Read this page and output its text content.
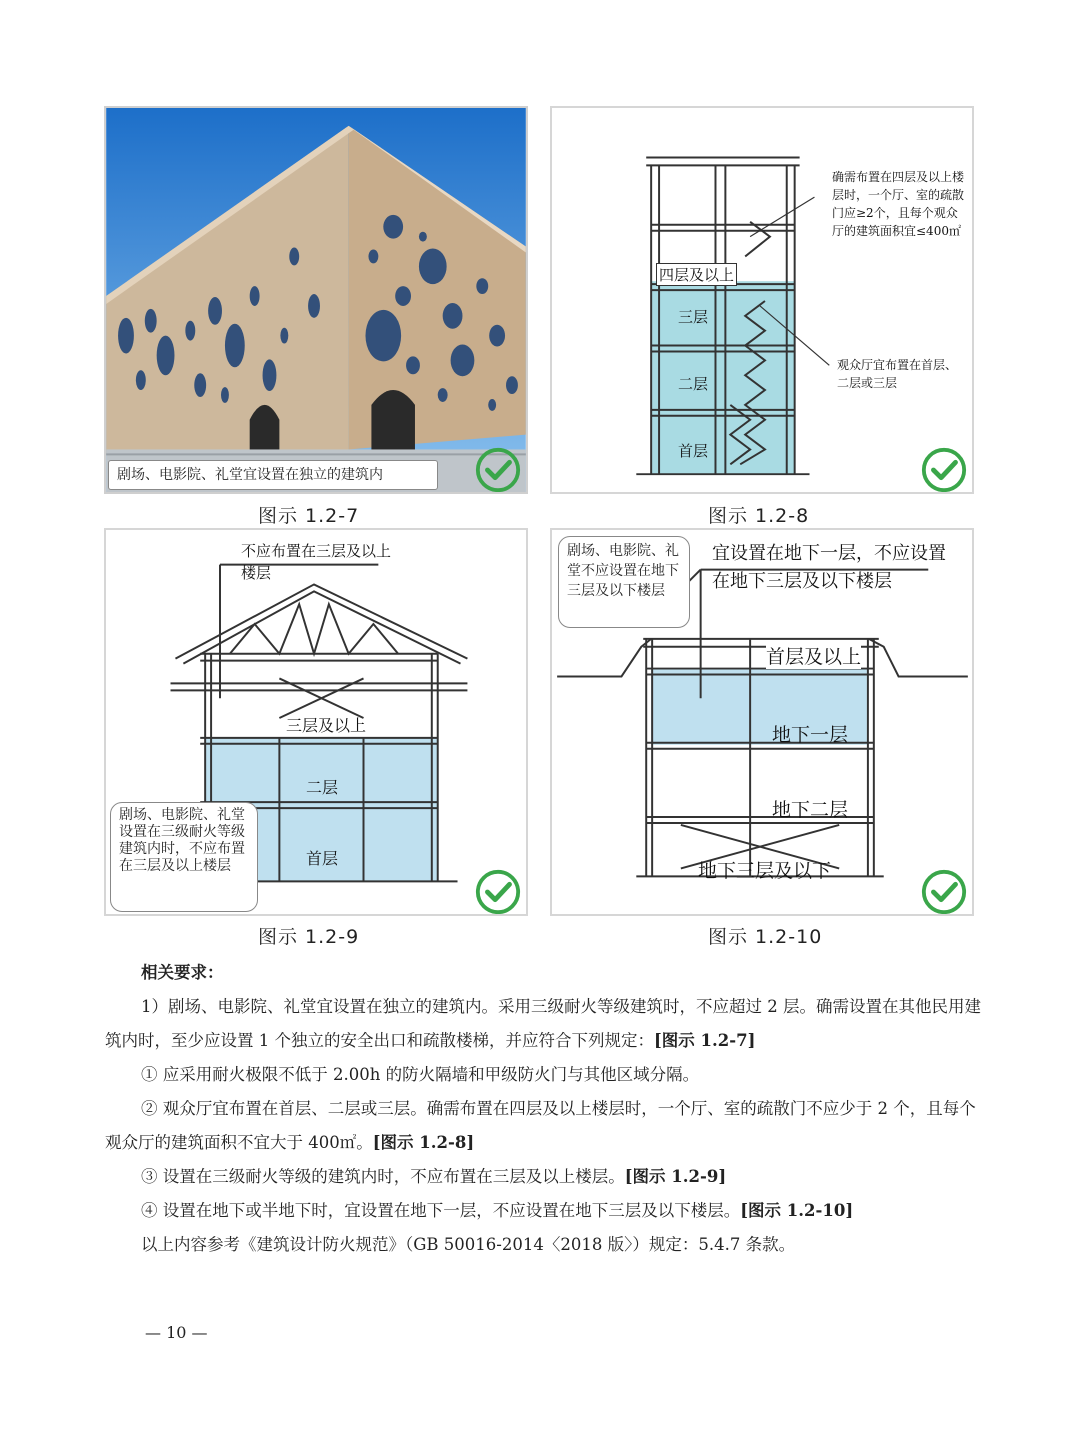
剧场、电影院、礼堂宜设置在独立的建筑内
图示 1.2-7
四层及以上
三层
二层
首层
确需布置在四层及以上楼层时，一个厅、室的疏散门应≥2个，且每个观众厅的建筑面积宜≤400㎡
观众厅宜布置在首层、二层或三层
图示 1.2-8
不应布置在三层及以上楼层
三层及以上
二层
首层
剧场、电影院、礼堂设置在三级耐火等级建筑内时，不应布置在三层及以上楼层
图示 1.2-9
剧场、电影院、礼堂不应设置在地下三层及以下楼层
宜设置在地下一层，不应设置在地下三层及以下楼层
首层及以上
地下一层
地下二层
地下三层及以下
图示 1.2-10

相关要求：

1）剧场、电影院、礼堂宜设置在独立的建筑内。采用三级耐火等级建筑时，不应超过 2 层。确需设置在其他民用建筑内时，至少应设置 1 个独立的安全出口和疏散楼梯，并应符合下列规定：[图示 1.2-7]

① 应采用耐火极限不低于 2.00h 的防火隔墙和甲级防火门与其他区域分隔。

② 观众厅宜布置在首层、二层或三层。确需布置在四层及以上楼层时，一个厅、室的疏散门不应少于 2 个，且每个观众厅的建筑面积不宜大于 400㎡。[图示 1.2-8]

③ 设置在三级耐火等级的建筑内时，不应布置在三层及以上楼层。[图示 1.2-9]

④ 设置在地下或半地下时，宜设置在地下一层，不应设置在地下三层及以下楼层。[图示 1.2-10]

以上内容参考《建筑设计防火规范》（GB 50016-2014〈2018 版〉）规定：5.4.7 条款。

— 10 —
